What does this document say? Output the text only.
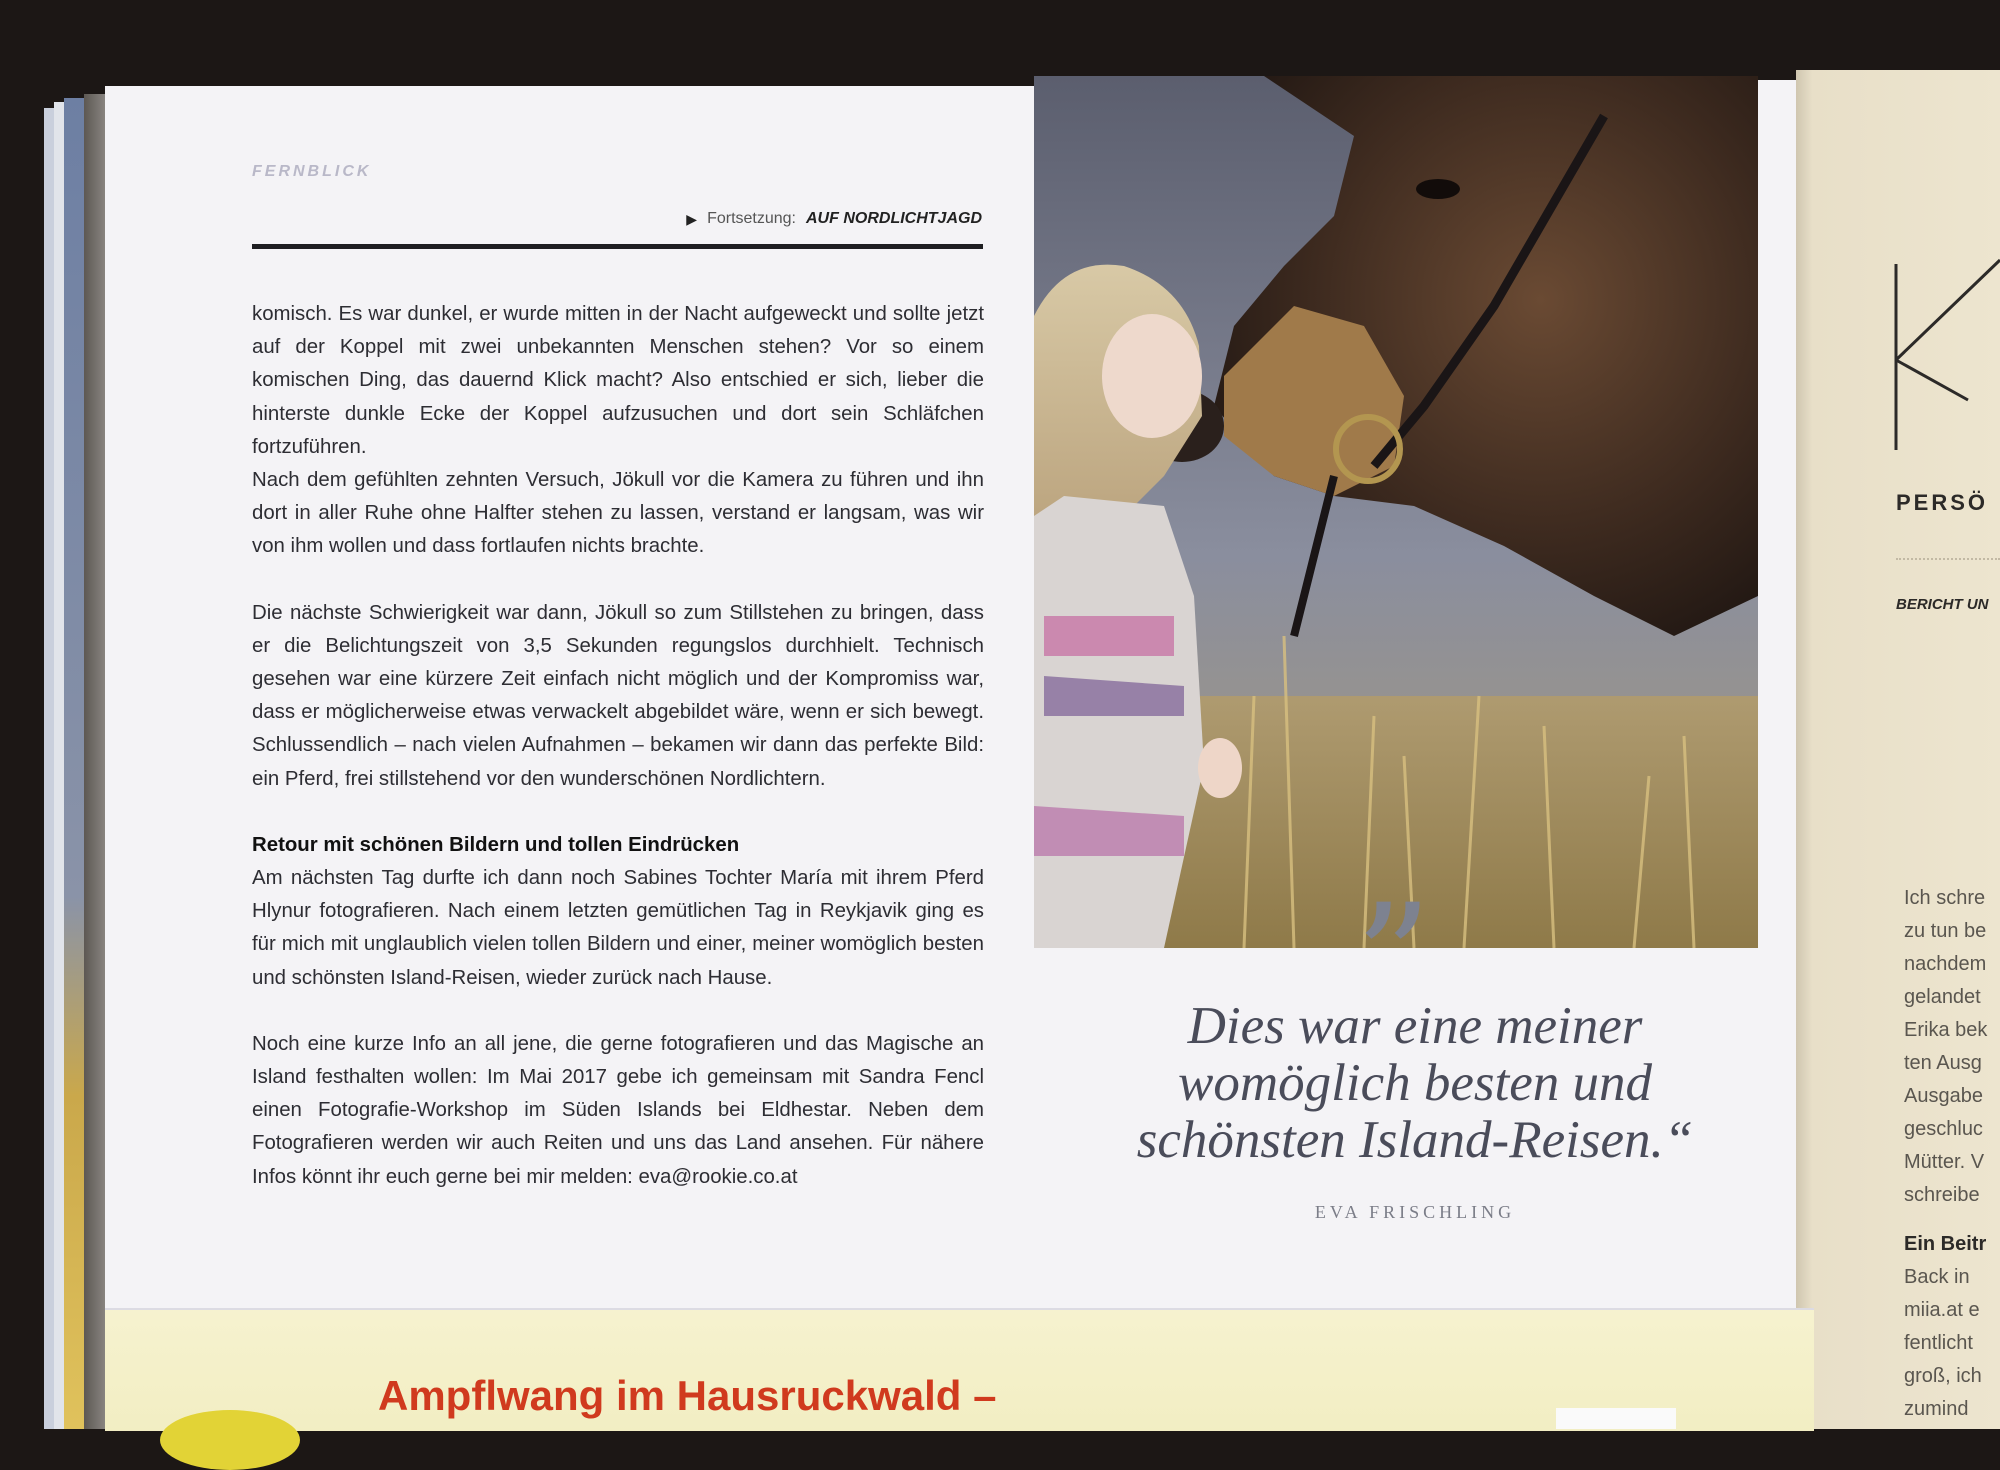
FERNBLICK
▶ Fortsetzung: AUF NORDLICHTJAGD

komisch. Es war dunkel, er wurde mitten in der Nacht aufgeweckt und sollte jetzt auf der Koppel mit zwei unbekannten Menschen stehen? Vor so einem komischen Ding, das dauernd Klick macht? Also entschied er sich, lieber die hinterste dunkle Ecke der Koppel aufzusuchen und dort sein Schläfchen fortzuführen.

Nach dem gefühlten zehnten Versuch, Jökull vor die Kamera zu führen und ihn dort in aller Ruhe ohne Halfter stehen zu lassen, verstand er langsam, was wir von ihm wollen und dass fortlaufen nichts brachte.

Die nächste Schwierigkeit war dann, Jökull so zum Stillstehen zu bringen, dass er die Belichtungszeit von 3,5 Sekunden regungslos durchhielt. Technisch gesehen war eine kürzere Zeit einfach nicht möglich und der Kompromiss war, dass er möglicherweise etwas verwackelt abgebildet wäre, wenn er sich bewegt. Schlussendlich – nach vielen Aufnahmen – bekamen wir dann das perfekte Bild: ein Pferd, frei stillstehend vor den wunderschönen Nordlichtern.

Retour mit schönen Bildern und tollen Eindrücken

Am nächsten Tag durfte ich dann noch Sabines Tochter María mit ihrem Pferd Hlynur fotografieren. Nach einem letzten gemütlichen Tag in Reykjavik ging es für mich mit unglaublich vielen tollen Bildern und einer, meiner womöglich besten und schönsten Island-Reisen, wieder zurück nach Hause.

Noch eine kurze Info an all jene, die gerne fotografieren und das Magische an Island festhalten wollen: Im Mai 2017 gebe ich gemeinsam mit Sandra Fencl einen Fotografie-Workshop im Süden Islands bei Eldhestar. Neben dem Fotografieren werden wir auch Reiten und uns das Land ansehen. Für nähere Infos könnt ihr euch gerne bei mir melden: eva@rookie.co.at

”
Dies war eine meiner
womöglich besten und
schönsten Island-Reisen.“
EVA FRISCHLING
PERSÖ
BERICHT UN

Ich schre

zu tun be

nachdem

gelandet

Erika bek

ten Ausg

Ausgabe

geschluc

Mütter. V

schreibe

Ein Beitr

Back in

miia.at e

fentlicht

groß, ich

zumind

Ampflwang im Hausruckwald –
